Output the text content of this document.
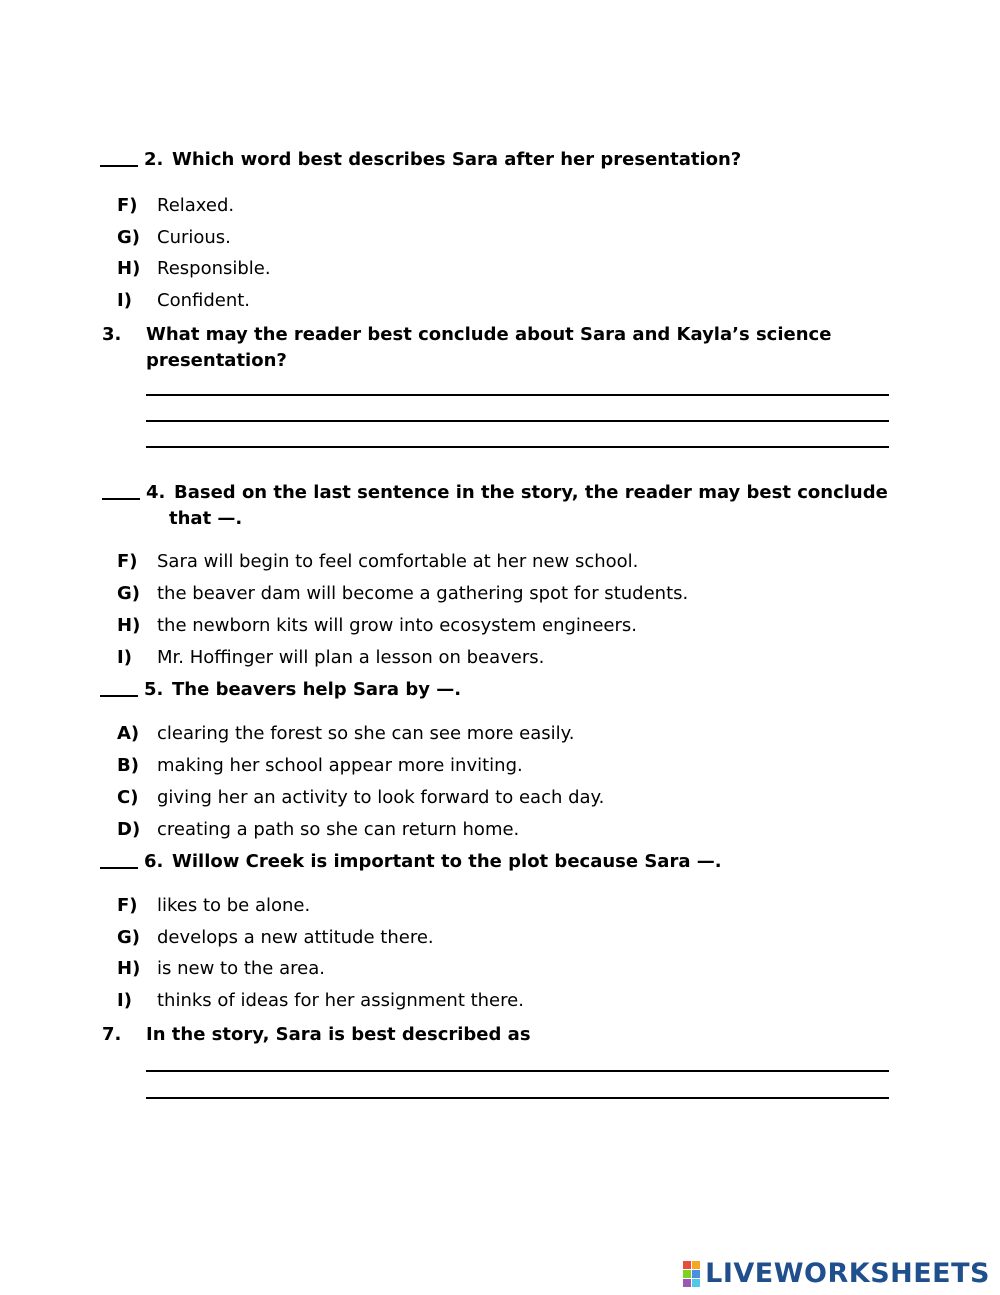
2. Which word best describes Sara after her presentation?
F) Relaxed.
G) Curious.
H) Responsible.
I) Confident.
3. What may the reader best conclude about Sara and Kayla’s science
presentation?
4. Based on the last sentence in the story, the reader may best conclude
that —.
F) Sara will begin to feel comfortable at her new school.
G) the beaver dam will become a gathering spot for students.
H) the newborn kits will grow into ecosystem engineers.
I) Mr. Hoffinger will plan a lesson on beavers.
5. The beavers help Sara by —.
A) clearing the forest so she can see more easily.
B) making her school appear more inviting.
C) giving her an activity to look forward to each day.
D) creating a path so she can return home.
6. Willow Creek is important to the plot because Sara —.
F) likes to be alone.
G) develops a new attitude there.
H) is new to the area.
I) thinks of ideas for her assignment there.
7. In the story, Sara is best described as
LIVEWORKSHEETS
